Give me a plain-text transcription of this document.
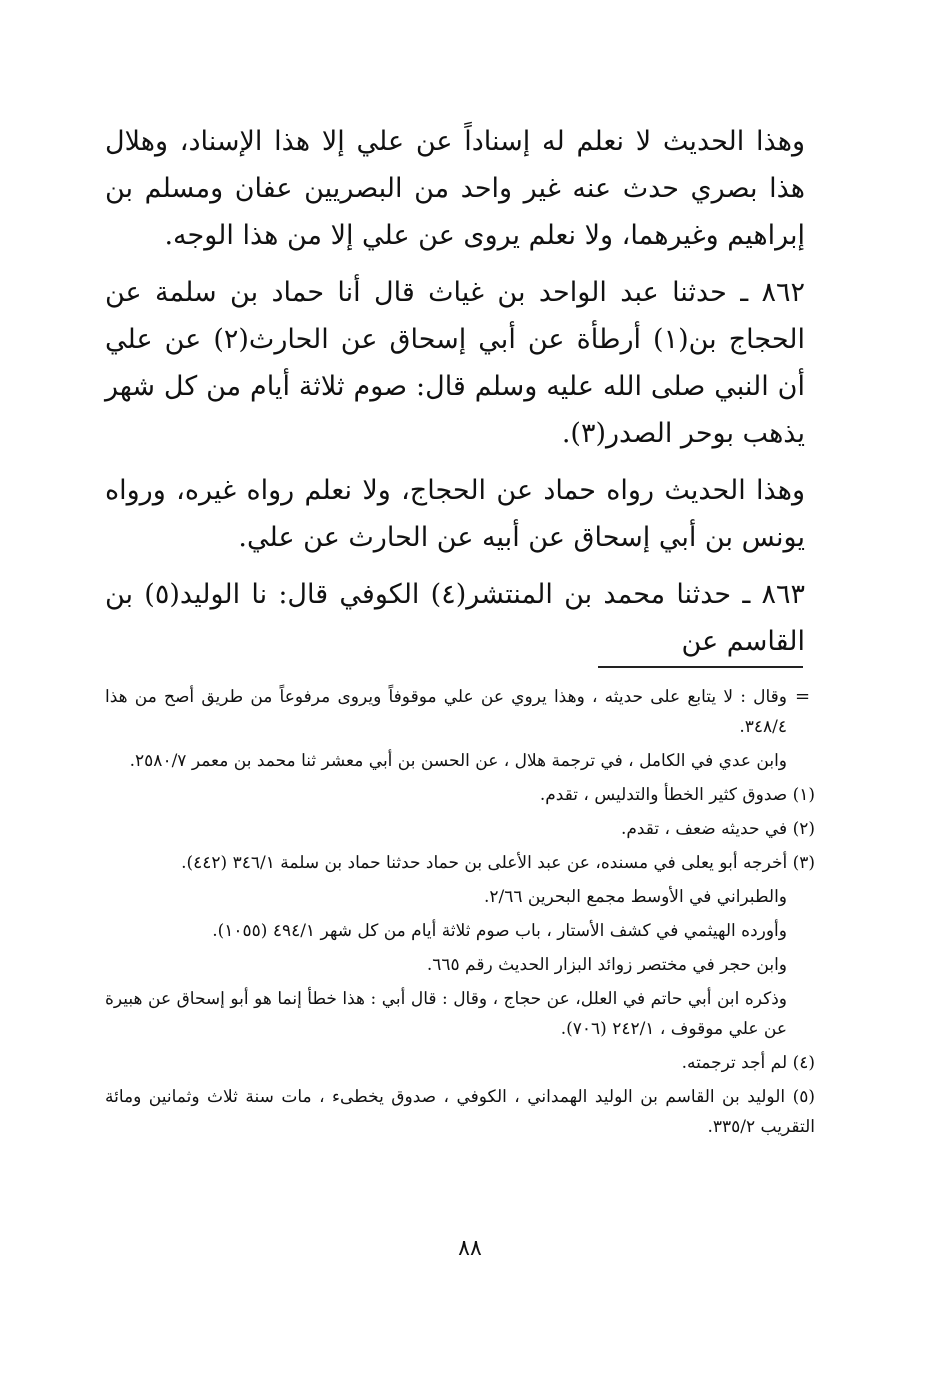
وهذا الحديث لا نعلم له إسناداً عن علي إلا هذا الإسناد، وهلال هذا بصري حدث عنه غير واحد من البصريين عفان ومسلم بن إبراهيم وغيرهما، ولا نعلم يروى عن علي إلا من هذا الوجه.

٨٦٢ ـ حدثنا عبد الواحد بن غياث قال أنا حماد بن سلمة عن الحجاج بن(١) أرطأة عن أبي إسحاق عن الحارث(٢) عن علي أن النبي صلى الله عليه وسلم قال: صوم ثلاثة أيام من كل شهر يذهب بوحر الصدر(٣).

وهذا الحديث رواه حماد عن الحجاج، ولا نعلم رواه غيره، ورواه يونس بن أبي إسحاق عن أبيه عن الحارث عن علي.

٨٦٣ ـ حدثنا محمد بن المنتشر(٤) الكوفي قال: نا الوليد(٥) بن القاسم عن

=

وقال : لا يتابع على حديثه ، وهذا يروي عن علي موقوفاً ويروى مرفوعاً من طريق أصح من هذا ٣٤٨/٤.

وابن عدي في الكامل ، في ترجمة هلال ، عن الحسن بن أبي معشر ثنا محمد بن معمر ٢٥٨٠/٧.

(١) صدوق كثير الخطأ والتدليس ، تقدم.

(٢) في حديثه ضعف ، تقدم.

(٣) أخرجه أبو يعلى في مسنده، عن عبد الأعلى بن حماد حدثنا حماد بن سلمة ٣٤٦/١ (٤٤٢).

والطبراني في الأوسط مجمع البحرين ٢/٦٦.

وأورده الهيثمي في كشف الأستار ، باب صوم ثلاثة أيام من كل شهر ٤٩٤/١ (١٠٥٥).

وابن حجر في مختصر زوائد البزار الحديث رقم ٦٦٥.

وذكره ابن أبي حاتم في العلل، عن حجاج ، وقال : قال أبي : هذا خطأ إنما هو أبو إسحاق عن هبيرة عن علي موقوف ، ٢٤٢/١ (٧٠٦).

(٤) لم أجد ترجمته.

(٥) الوليد بن القاسم بن الوليد الهمداني ، الكوفي ، صدوق يخطىء ، مات سنة ثلاث وثمانين ومائة التقريب ٣٣٥/٢.

٨٨
